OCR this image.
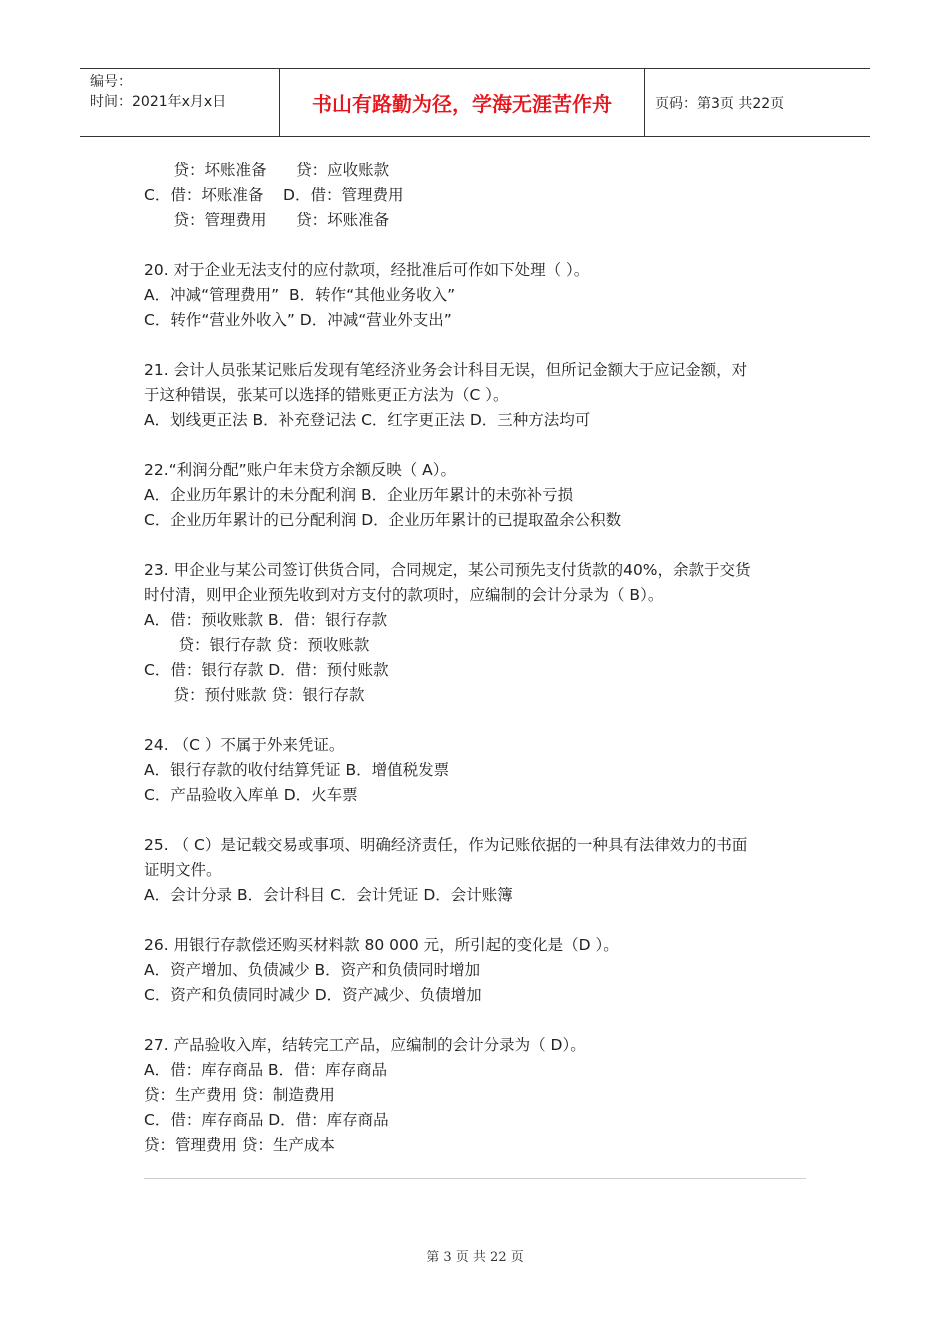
编号：
时间：2021年x月x日	书山有路勤为径，学海无涯苦作舟	页码：第3页 共22页
贷：坏账准备      贷：应收账款
C．借：坏账准备    D．借：管理费用
贷：管理费用      贷：坏账准备
20. 对于企业无法支付的应付款项，经批准后可作如下处理（ ）。
A．冲减“管理费用”  B．转作“其他业务收入”
C．转作“营业外收入” D．冲减“营业外支出”
21. 会计人员张某记账后发现有笔经济业务会计科目无误，但所记金额大于应记金额，对
于这种错误，张某可以选择的错账更正方法为（C ）。
A．划线更正法 B．补充登记法 C．红字更正法 D．三种方法均可
22.“利润分配”账户年末贷方余额反映（ A）。
A．企业历年累计的未分配利润 B．企业历年累计的未弥补亏损
C．企业历年累计的已分配利润 D．企业历年累计的已提取盈余公积数
23. 甲企业与某公司签订供货合同，合同规定，某公司预先支付货款的40%，余款于交货
时付清，则甲企业预先收到对方支付的款项时，应编制的会计分录为（ B）。
A．借：预收账款 B．借：银行存款
贷：银行存款 贷：预收账款
C．借：银行存款 D．借：预付账款
贷：预付账款 贷：银行存款
24. （C ）不属于外来凭证。
A．银行存款的收付结算凭证 B．增值税发票
C．产品验收入库单 D．火车票
25. （ C）是记载交易或事项、明确经济责任，作为记账依据的一种具有法律效力的书面
证明文件。
A．会计分录 B．会计科目 C．会计凭证 D．会计账簿
26. 用银行存款偿还购买材料款 80 000 元，所引起的变化是（D ）。
A．资产增加、负债减少 B．资产和负债同时增加
C．资产和负债同时减少 D．资产减少、负债增加
27. 产品验收入库，结转完工产品，应编制的会计分录为（ D）。
A．借：库存商品 B．借：库存商品
贷：生产费用 贷：制造费用
C．借：库存商品 D．借：库存商品
贷：管理费用 贷：生产成本
第 3 页 共 22 页
